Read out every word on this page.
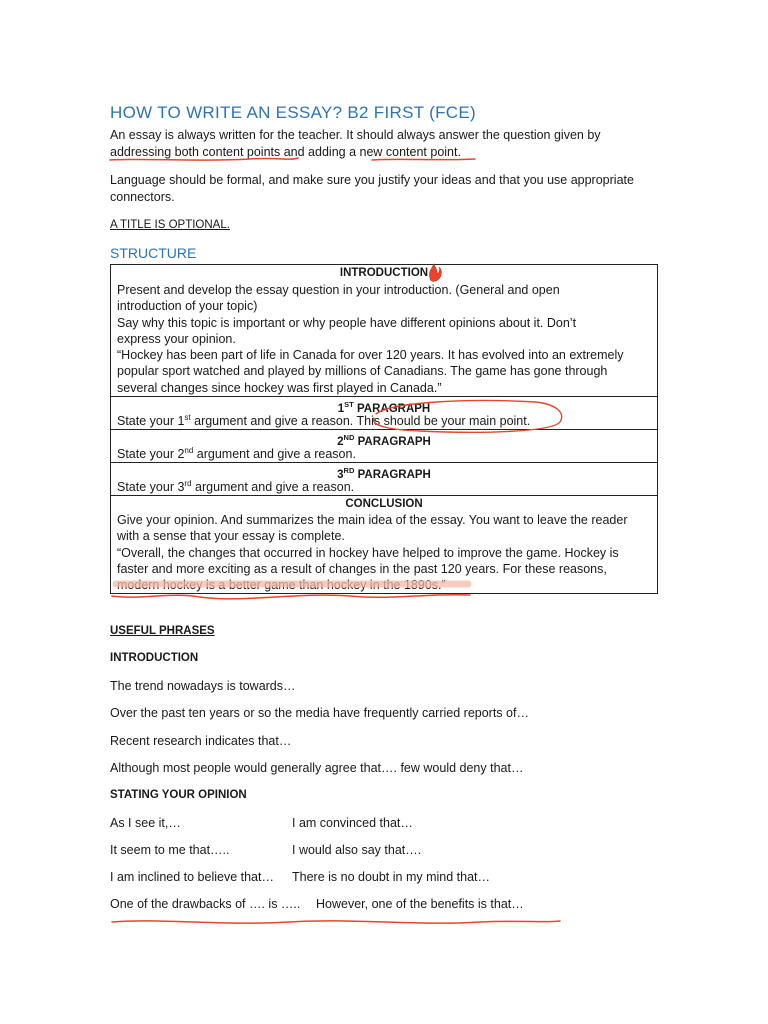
HOW TO WRITE AN ESSAY? B2 FIRST (FCE)
An essay is always written for the teacher. It should always answer the question given by
addressing both content points and adding a new content point.
Language should be formal, and make sure you justify your ideas and that you use appropriate
connectors.
A TITLE IS OPTIONAL.
STRUCTURE
INTRODUCTION
Present and develop the essay question in your introduction. (General and open
introduction of your topic)
Say why this topic is important or why people have different opinions about it. Don’t
express your opinion.
“Hockey has been part of life in Canada for over 120 years. It has evolved into an extremely
popular sport watched and played by millions of Canadians. The game has gone through
several changes since hockey was first played in Canada.”
1ST PARAGRAPH
State your 1st argument and give a reason. This should be your main point.
2ND PARAGRAPH
State your 2nd argument and give a reason.
3RD PARAGRAPH
State your 3rd argument and give a reason.
CONCLUSION
Give your opinion. And summarizes the main idea of the essay. You want to leave the reader
with a sense that your essay is complete.
“Overall, the changes that occurred in hockey have helped to improve the game. Hockey is
faster and more exciting as a result of changes in the past 120 years. For these reasons,
modern hockey is a better game than hockey in the 1890s.”
USEFUL PHRASES
INTRODUCTION
The trend nowadays is towards…
Over the past ten years or so the media have frequently carried reports of…
Recent research indicates that…
Although most people would generally agree that…. few would deny that…
STATING YOUR OPINION
As I see it,…	I am convinced that…
It seem to me that…..	I would also say that….
I am inclined to believe that… There is no doubt in my mind that…
One of the drawbacks of …. is ….. However, one of the benefits is that…
